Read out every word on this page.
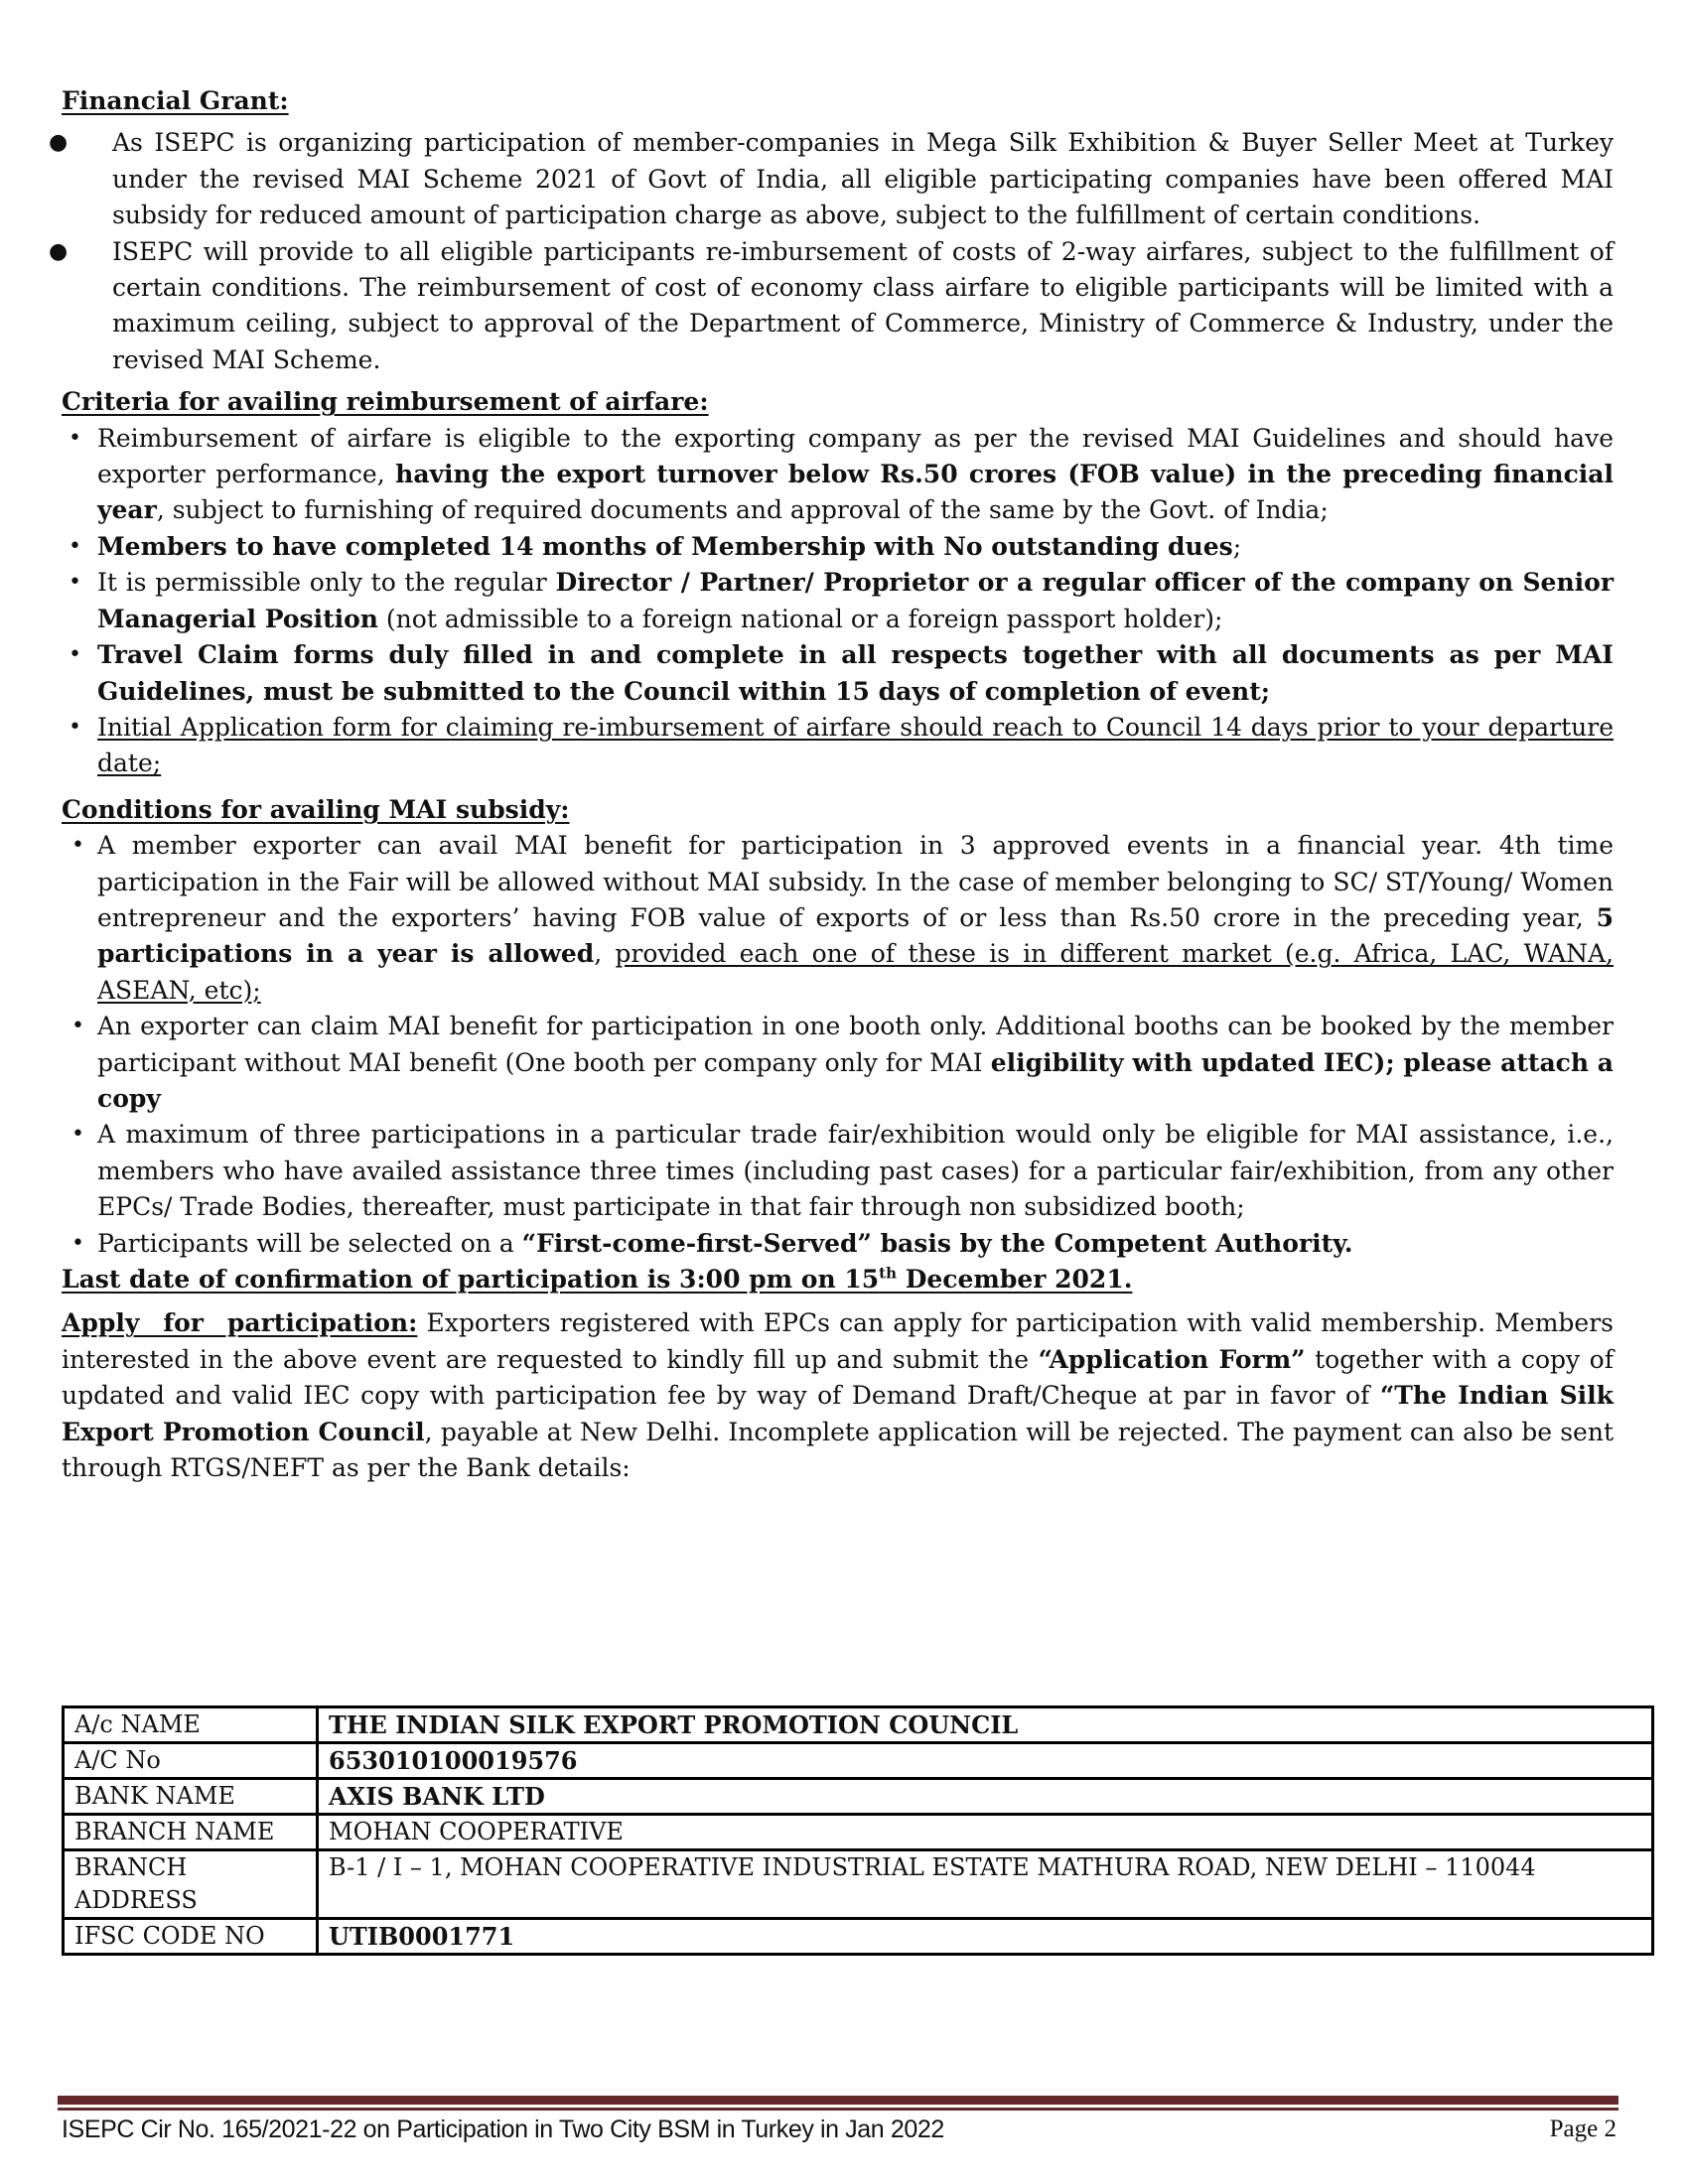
Financial Grant:
● As ISEPC is organizing participation of member-companies in Mega Silk Exhibition & Buyer Seller Meet at Turkey under the revised MAI Scheme 2021 of Govt of India, all eligible participating companies have been offered MAI subsidy for reduced amount of participation charge as above, subject to the fulfillment of certain conditions.
● ISEPC will provide to all eligible participants re-imbursement of costs of 2-way airfares, subject to the fulfillment of certain conditions. The reimbursement of cost of economy class airfare to eligible participants will be limited with a maximum ceiling, subject to approval of the Department of Commerce, Ministry of Commerce & Industry, under the revised MAI Scheme.
Criteria for availing reimbursement of airfare:
• Reimbursement of airfare is eligible to the exporting company as per the revised MAI Guidelines and should have exporter performance, having the export turnover below Rs.50 crores (FOB value) in the preceding financial year, subject to furnishing of required documents and approval of the same by the Govt. of India;
• Members to have completed 14 months of Membership with No outstanding dues;
• It is permissible only to the regular Director / Partner/ Proprietor or a regular officer of the company on Senior Managerial Position (not admissible to a foreign national or a foreign passport holder);
• Travel Claim forms duly filled in and complete in all respects together with all documents as per MAI Guidelines, must be submitted to the Council within 15 days of completion of event;
• Initial Application form for claiming re-imbursement of airfare should reach to Council 14 days prior to your departure date;
Conditions for availing MAI subsidy:
• A member exporter can avail MAI benefit for participation in 3 approved events in a financial year. 4th time participation in the Fair will be allowed without MAI subsidy. In the case of member belonging to SC/ ST/Young/ Women entrepreneur and the exporters’ having FOB value of exports of or less than Rs.50 crore in the preceding year, 5 participations in a year is allowed, provided each one of these is in different market (e.g. Africa, LAC, WANA, ASEAN, etc);
• An exporter can claim MAI benefit for participation in one booth only. Additional booths can be booked by the member participant without MAI benefit (One booth per company only for MAI eligibility with updated IEC); please attach a copy
• A maximum of three participations in a particular trade fair/exhibition would only be eligible for MAI assistance, i.e., members who have availed assistance three times (including past cases) for a particular fair/exhibition, from any other EPCs/ Trade Bodies, thereafter, must participate in that fair through non subsidized booth;
• Participants will be selected on a “First-come-first-Served” basis by the Competent Authority.
Last date of confirmation of participation is 3:00 pm on 15th December 2021.

Apply for participation: Exporters registered with EPCs can apply for participation with valid membership. Members interested in the above event are requested to kindly fill up and submit the “Application Form” together with a copy of updated and valid IEC copy with participation fee by way of Demand Draft/Cheque at par in favor of “The Indian Silk Export Promotion Council, payable at New Delhi. Incomplete application will be rejected. The payment can also be sent through RTGS/NEFT as per the Bank details:

A/c NAME	THE INDIAN SILK EXPORT PROMOTION COUNCIL
A/C No	653010100019576
BANK NAME	AXIS BANK LTD
BRANCH NAME	MOHAN COOPERATIVE
BRANCH ADDRESS	B-1 / I – 1, MOHAN COOPERATIVE INDUSTRIAL ESTATE MATHURA ROAD, NEW DELHI – 110044
IFSC CODE NO	UTIB0001771
ISEPC Cir No. 165/2021-22 on Participation in Two City BSM in Turkey in Jan 2022	Page 2
